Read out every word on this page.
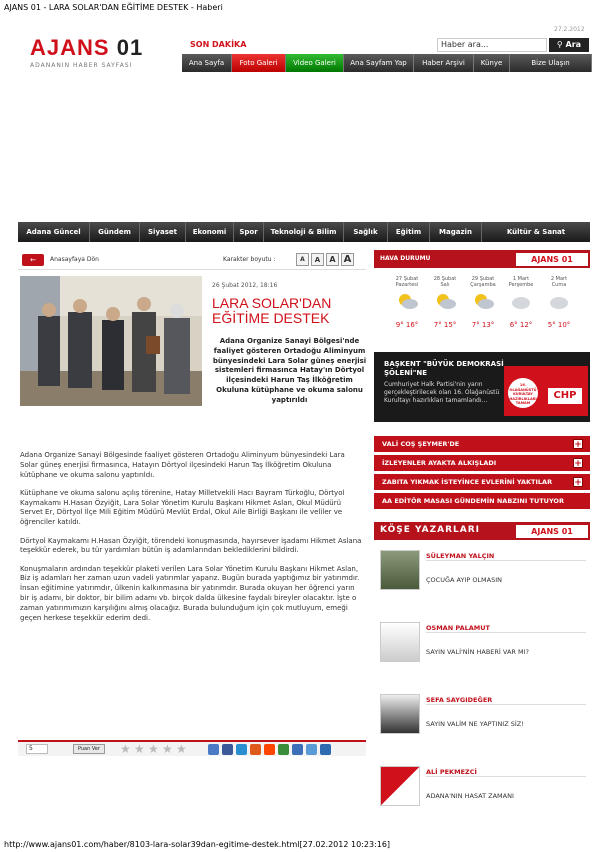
AJANS 01 - LARA SOLAR'DAN EĞİTİME DESTEK - Haberi
27.2.2012
AJANS 01
ADANANIN HABER SAYFASI
SON DAKİKA	Haber ara...	⚲ Ara
Ana Sayfa	Foto Galeri	Video Galeri	Ana Sayfam Yap	Haber Arşivi	Künye	Bize Ulaşın
Adana Güncel	Gündem	Siyaset	Ekonomi	Spor	Teknoloji & Bilim	Sağlık	Eğitim	Magazin	Kültür & Sanat
←	Anasayfaya Dön	Karakter boyutu :	A	A	A A
26 Şubat 2012, 18:16
LARA SOLAR'DAN
EĞİTİME DESTEK
Adana Organize Sanayi Bölgesi'nde faaliyet gösteren Ortadoğu Aliminyum bünyesindeki Lara Solar güneş enerjisi sistemleri firmasınca Hatay'ın Dörtyol ilçesindeki Harun Taş İlköğretim Okuluna kütüphane ve okuma salonu yaptırıldı

Adana Organize Sanayi Bölgesinde faaliyet gösteren Ortadoğu Aliminyum bünyesindeki Lara Solar güneş enerjisi firmasınca, Hatayın Dörtyol ilçesindeki Harun Taş İlköğretim Okuluna kütüphane ve okuma salonu yaptırıldı.

Kütüphane ve okuma salonu açılış törenine, Hatay Milletvekili Hacı Bayram Türkoğlu, Dörtyol Kaymakamı H.Hasan Özyiğit, Lara Solar Yönetim Kurulu Başkanı Hikmet Aslan, Okul Müdürü Servet Er, Dörtyol İlçe Mili Eğitim Müdürü Mevlüt Erdal, Okul Aile Birliği Başkanı ile veliler ve öğrenciler katıldı.

Dörtyol Kaymakamı H.Hasan Özyiğit, törendeki konuşmasında, hayırsever işadamı Hikmet Aslana teşekkür ederek, bu tür yardımları bütün iş adamlarından beklediklerini bildirdi.

Konuşmaların ardından teşekkür plaketi verilen Lara Solar Yönetim Kurulu Başkanı Hikmet Aslan, Biz iş adamları her zaman uzun vadeli yatırımlar yaparız. Bugün burada yaptığımız bir yatırımdır. İnsan eğitimine yatırımdır, ülkenin kalkınmasına bir yatırımdır. Burada okuyan her öğrenci yarın bir iş adamı, bir doktor, bir bilim adamı vb. birçok dalda ülkesine faydalı bireyler olacaktır. İşte o zaman yatırımımızın karşılığını almış olacağız. Burada bulunduğum için çok mutluyum, emeği geçen herkese teşekkür ederim dedi.

5	Puan Ver	★ ★ ★ ★ ★
HAVA DURUMU	AJANS 01
27 Şubat
Pazartesi
9° 16°
28 Şubat
Salı
7° 15°
29 Şubat
Çarşamba
7° 13°
1 Mart
Perşembe
6° 12°
2 Mart
Cuma
5° 10°
BAŞKENT "BÜYÜK DEMOKRASİ ŞÖLENİ"NE
Cumhuriyet Halk Partisi'nin yarın gerçekleştirilecek olan 16. Olağanüstü Kurultayı hazırlıkları tamamlandı...
16. OLAĞANÜSTÜ KURULTAY HAZIRLIKLARI TAMAM
CHP
VALİ COŞ ŞEYMER'DE	+
İZLEYENLER AYAKTA ALKIŞLADI	+
ZABITA YIKMAK İSTEYİNCE EVLERİNİ YAKTILAR +
AA EDİTÖR MASASI GÜNDEMİN NABZINI TUTUYOR
KÖŞE YAZARLARI	AJANS 01
SÜLEYMAN YALÇIN
ÇOCUĞA AYIP OLMASIN
OSMAN PALAMUT
SAYIN VALİ'NİN HABERİ VAR MI?
SEFA SAYGIDEĞER
SAYIN VALİM NE YAPTINIZ SİZ!
ALİ PEKMEZCİ
ADANA'NIN HASAT ZAMANI
http://www.ajans01.com/haber/8103-lara-solar39dan-egitime-destek.html[27.02.2012 10:23:16]
